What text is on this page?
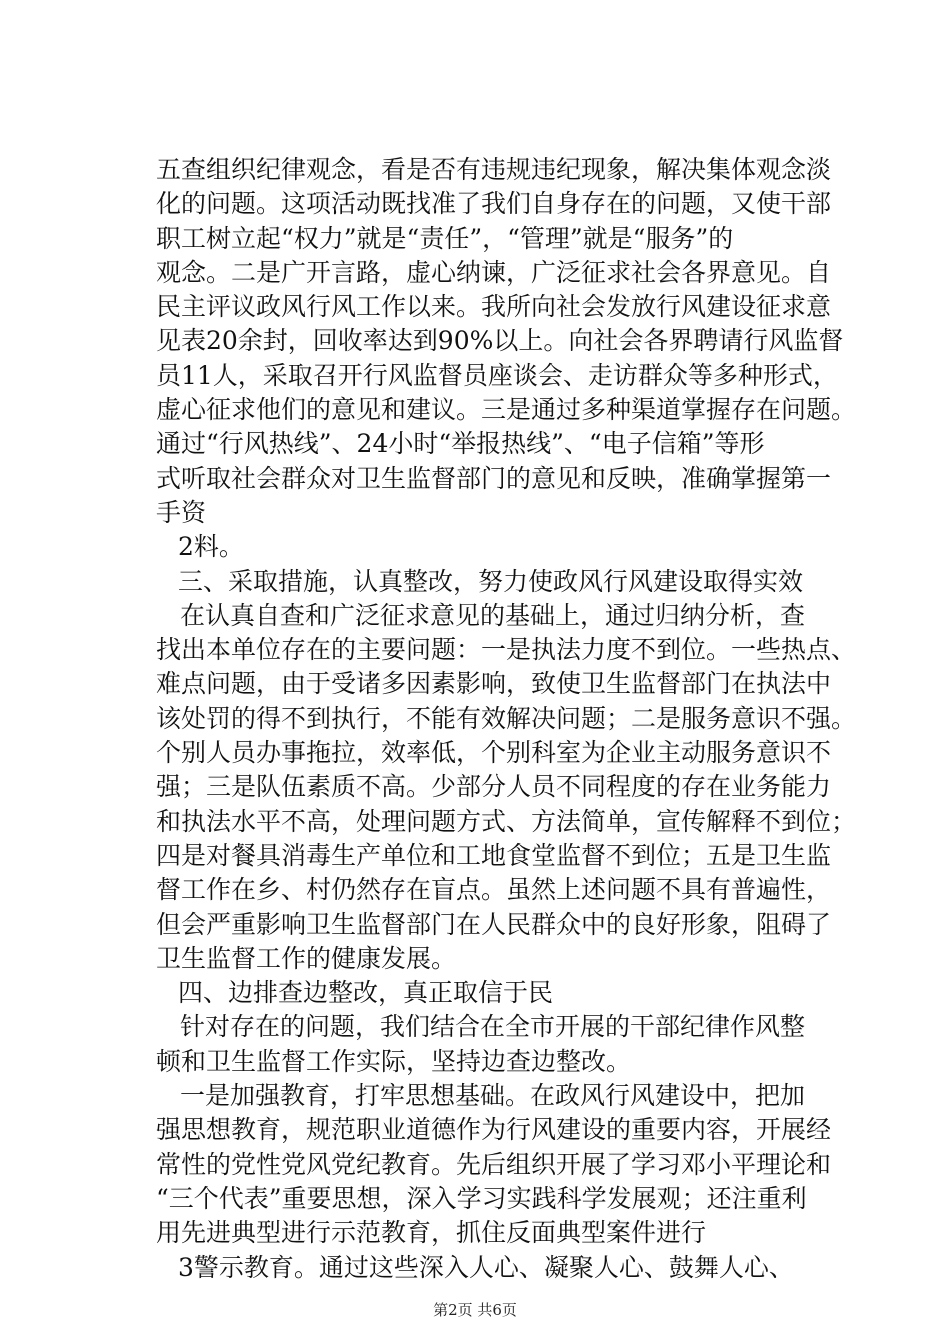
五查组织纪律观念，看是否有违规违纪现象，解决集体观念淡
化的问题。这项活动既找准了我们自身存在的问题，又使干部
职工树立起“权力”就是“责任”，“管理”就是“服务”的
观念。二是广开言路，虚心纳谏，广泛征求社会各界意见。自
民主评议政风行风工作以来。我所向社会发放行风建设征求意
见表20余封，回收率达到90%以上。向社会各界聘请行风监督
员11人，采取召开行风监督员座谈会、走访群众等多种形式，
虚心征求他们的意见和建议。三是通过多种渠道掌握存在问题。
通过“行风热线”、24小时“举报热线”、“电子信箱”等形
式听取社会群众对卫生监督部门的意见和反映，准确掌握第一
手资
2料。
三、采取措施，认真整改，努力使政风行风建设取得实效
在认真自查和广泛征求意见的基础上，通过归纳分析，查
找出本单位存在的主要问题：一是执法力度不到位。一些热点、
难点问题，由于受诸多因素影响，致使卫生监督部门在执法中
该处罚的得不到执行，不能有效解决问题；二是服务意识不强。
个别人员办事拖拉，效率低，个别科室为企业主动服务意识不
强；三是队伍素质不高。少部分人员不同程度的存在业务能力
和执法水平不高，处理问题方式、方法简单，宣传解释不到位；
四是对餐具消毒生产单位和工地食堂监督不到位；五是卫生监
督工作在乡、村仍然存在盲点。虽然上述问题不具有普遍性，
但会严重影响卫生监督部门在人民群众中的良好形象，阻碍了
卫生监督工作的健康发展。
四、边排查边整改，真正取信于民
针对存在的问题，我们结合在全市开展的干部纪律作风整
顿和卫生监督工作实际，坚持边查边整改。
一是加强教育，打牢思想基础。在政风行风建设中，把加
强思想教育，规范职业道德作为行风建设的重要内容，开展经
常性的党性党风党纪教育。先后组织开展了学习邓小平理论和
“三个代表”重要思想，深入学习实践科学发展观；还注重利
用先进典型进行示范教育，抓住反面典型案件进行
3警示教育。通过这些深入人心、凝聚人心、鼓舞人心、
第2页 共6页
